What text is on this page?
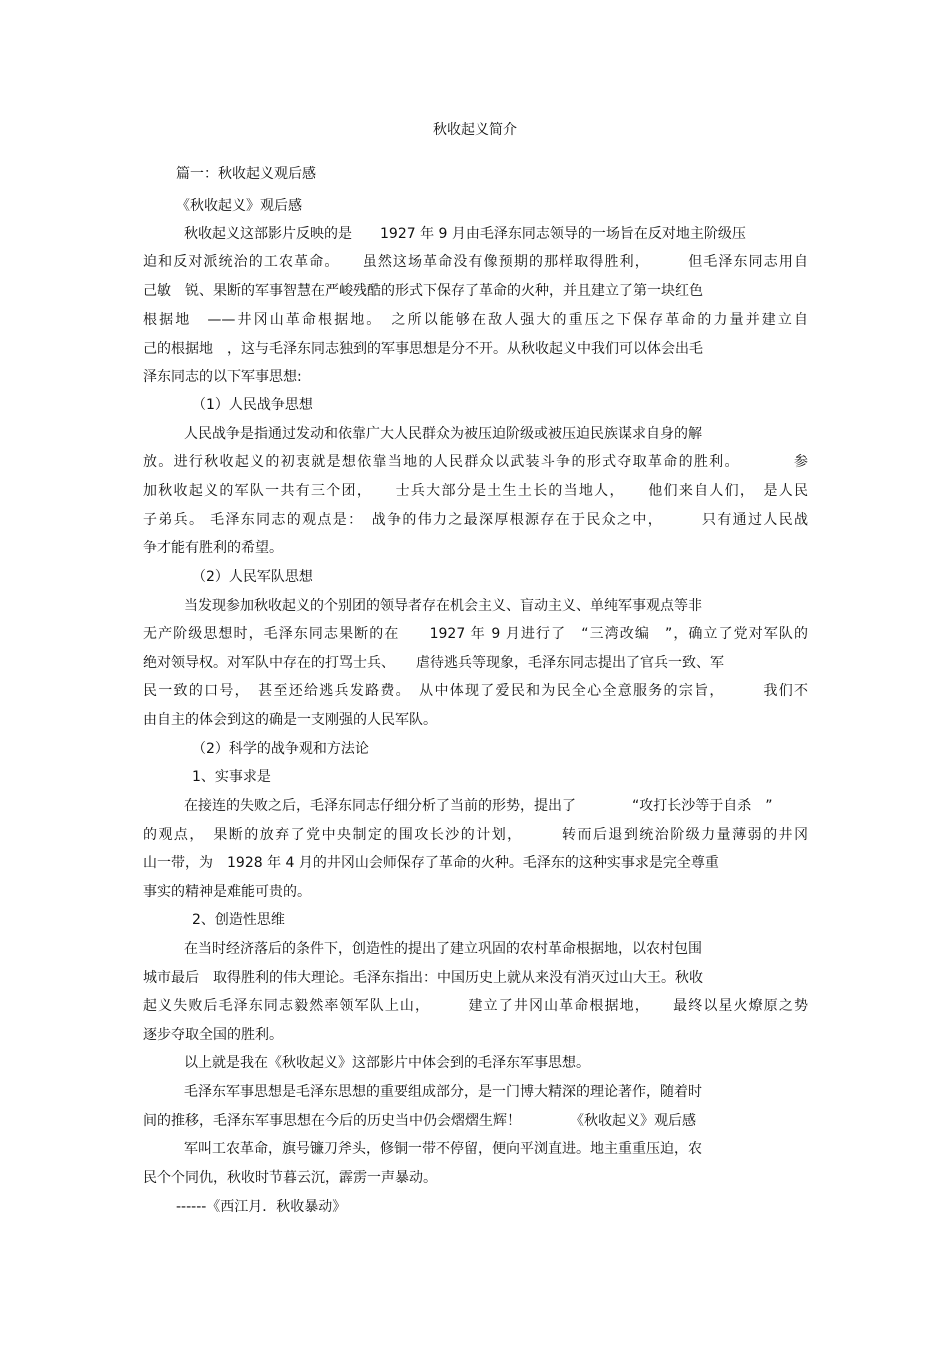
秋收起义简介
篇一：秋收起义观后感
《秋收起义》观后感
秋收起义这部影片反映的是　　1927 年 9 月由毛泽东同志领导的一场旨在反对地主阶级压
迫和反对派统治的工农革命。　　虽然这场革命没有像预期的那样取得胜利，　　　但毛泽东同志用自
己敏　锐、果断的军事智慧在严峻残酷的形式下保存了革命的火种，并且建立了第一块红色
根据地　——井冈山革命根据地。　之所以能够在敌人强大的重压之下保存革命的力量并建立自
己的根据地　，这与毛泽东同志独到的军事思想是分不开。从秋收起义中我们可以体会出毛
泽东同志的以下军事思想:
（1）人民战争思想
人民战争是指通过发动和依靠广大人民群众为被压迫阶级或被压迫民族谋求自身的解
放。进行秋收起义的初衷就是想依靠当地的人民群众以武装斗争的形式夺取革命的胜利。　　　　参
加秋收起义的军队一共有三个团，　　士兵大部分是土生土长的当地人，　　他们来自人们，　是人民
子弟兵。 毛泽东同志的观点是：　战争的伟力之最深厚根源存在于民众之中，　　　只有通过人民战
争才能有胜利的希望。
（2）人民军队思想
当发现参加秋收起义的个别团的领导者存在机会主义、盲动主义、单纯军事观点等非
无产阶级思想时，毛泽东同志果断的在　　1927 年 9 月进行了　“三湾改编　”，确立了党对军队的
绝对领导权。对军队中存在的打骂士兵、　　虐待逃兵等现象，毛泽东同志提出了官兵一致、军
民一致的口号，　甚至还给逃兵发路费。　从中体现了爱民和为民全心全意服务的宗旨，　　　我们不
由自主的体会到这的确是一支刚强的人民军队。
（2）科学的战争观和方法论
1、实事求是
在接连的失败之后，毛泽东同志仔细分析了当前的形势，提出了　　　　“攻打长沙等于自杀　”
的观点，　果断的放弃了党中央制定的围攻长沙的计划，　　　转而后退到统治阶级力量薄弱的井冈
山一带，为　1928 年 4 月的井冈山会师保存了革命的火种。毛泽东的这种实事求是完全尊重
事实的精神是难能可贵的。
2、创造性思维
在当时经济落后的条件下，创造性的提出了建立巩固的农村革命根据地，以农村包围
城市最后　取得胜利的伟大理论。毛泽东指出：中国历史上就从来没有消灭过山大王。秋收
起义失败后毛泽东同志毅然率领军队上山，　　　建立了井冈山革命根据地，　　最终以星火燎原之势
逐步夺取全国的胜利。
以上就是我在《秋收起义》这部影片中体会到的毛泽东军事思想。
毛泽东军事思想是毛泽东思想的重要组成部分，是一门博大精深的理论著作，随着时
间的推移，毛泽东军事思想在今后的历史当中仍会熠熠生辉！　　　　《秋收起义》观后感
军叫工农革命，旗号镰刀斧头，修铜一带不停留，便向平浏直进。地主重重压迫，农
民个个同仇，秋收时节暮云沉，霹雳一声暴动。
------《西江月．秋收暴动》
